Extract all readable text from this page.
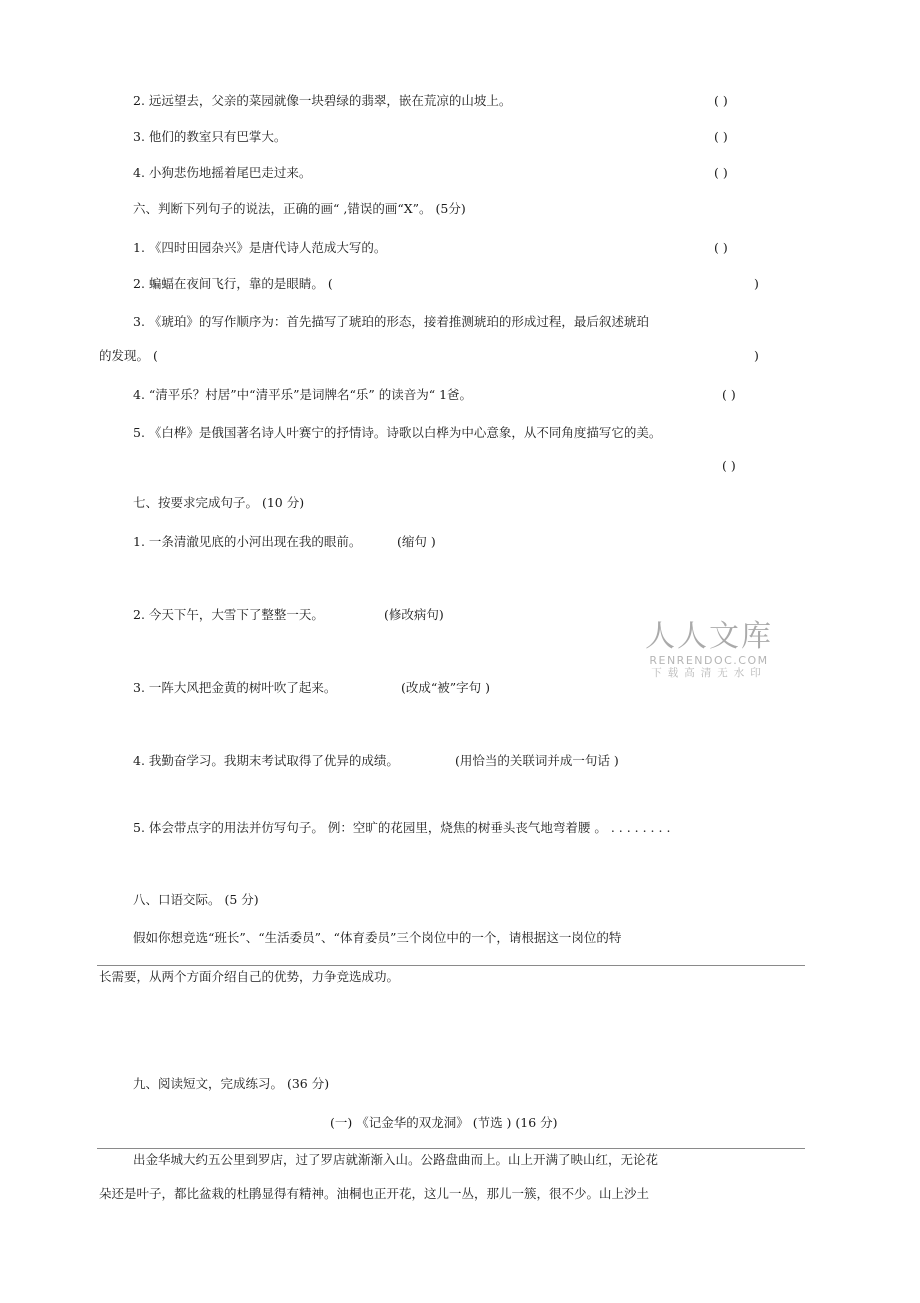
2. 远远望去，父亲的菜园就像一块碧绿的翡翠，嵌在荒凉的山坡上。	( )
3. 他们的教室只有巴掌大。	( )
4. 小狗悲伤地摇着尾巴走过来。	( )
六、判断下列句子的说法，正确的画“ ,错误的画“X”。 (5分)
1. 《四时田园杂兴》是唐代诗人范成大写的。	( )
2. 蝙蝠在夜间飞行，靠的是眼睛。 (	)
3. 《琥珀》的写作顺序为：首先描写了琥珀的形态，接着推测琥珀的形成过程，最后叙述琥珀
的发现。 (	)
4. “清平乐？村居”中“清平乐”是词牌名“乐” 的读音为“ 1爸。	( )
5. 《白桦》是俄国著名诗人叶赛宁的抒情诗。诗歌以白桦为中心意象，从不同角度描写它的美。
( )
七、按要求完成句子。 (10 分)
1. 一条清澈见底的小河出现在我的眼前。	(缩句 )
2. 今天下午，大雪下了整整一天。	(修改病句)
3. 一阵大风把金黄的树叶吹了起来。	(改成“被”字句 )
4. 我勤奋学习。我期末考试取得了优异的成绩。	(用恰当的关联词并成一句话 )
5. 体会带点字的用法并仿写句子。 例：空旷的花园里，烧焦的树垂头丧气地弯着腰 。 . . . . . . . .
八、口语交际。 (5 分)
假如你想竞选“班长”、“生活委员”、“体育委员”三个岗位中的一个，请根据这一岗位的特
长需要，从两个方面介绍自己的优势，力争竞选成功。
九、阅读短文，完成练习。 (36 分)
(一) 《记金华的双龙洞》 (节选 ) (16 分)
出金华城大约五公里到罗店，过了罗店就渐渐入山。公路盘曲而上。山上开满了映山红，无论花
朵还是叶子，都比盆栽的杜鹃显得有精神。油桐也正开花，这儿一丛，那儿一簇，很不少。山上沙土
人人文库
RENRENDOC.COM
下载高清无水印
